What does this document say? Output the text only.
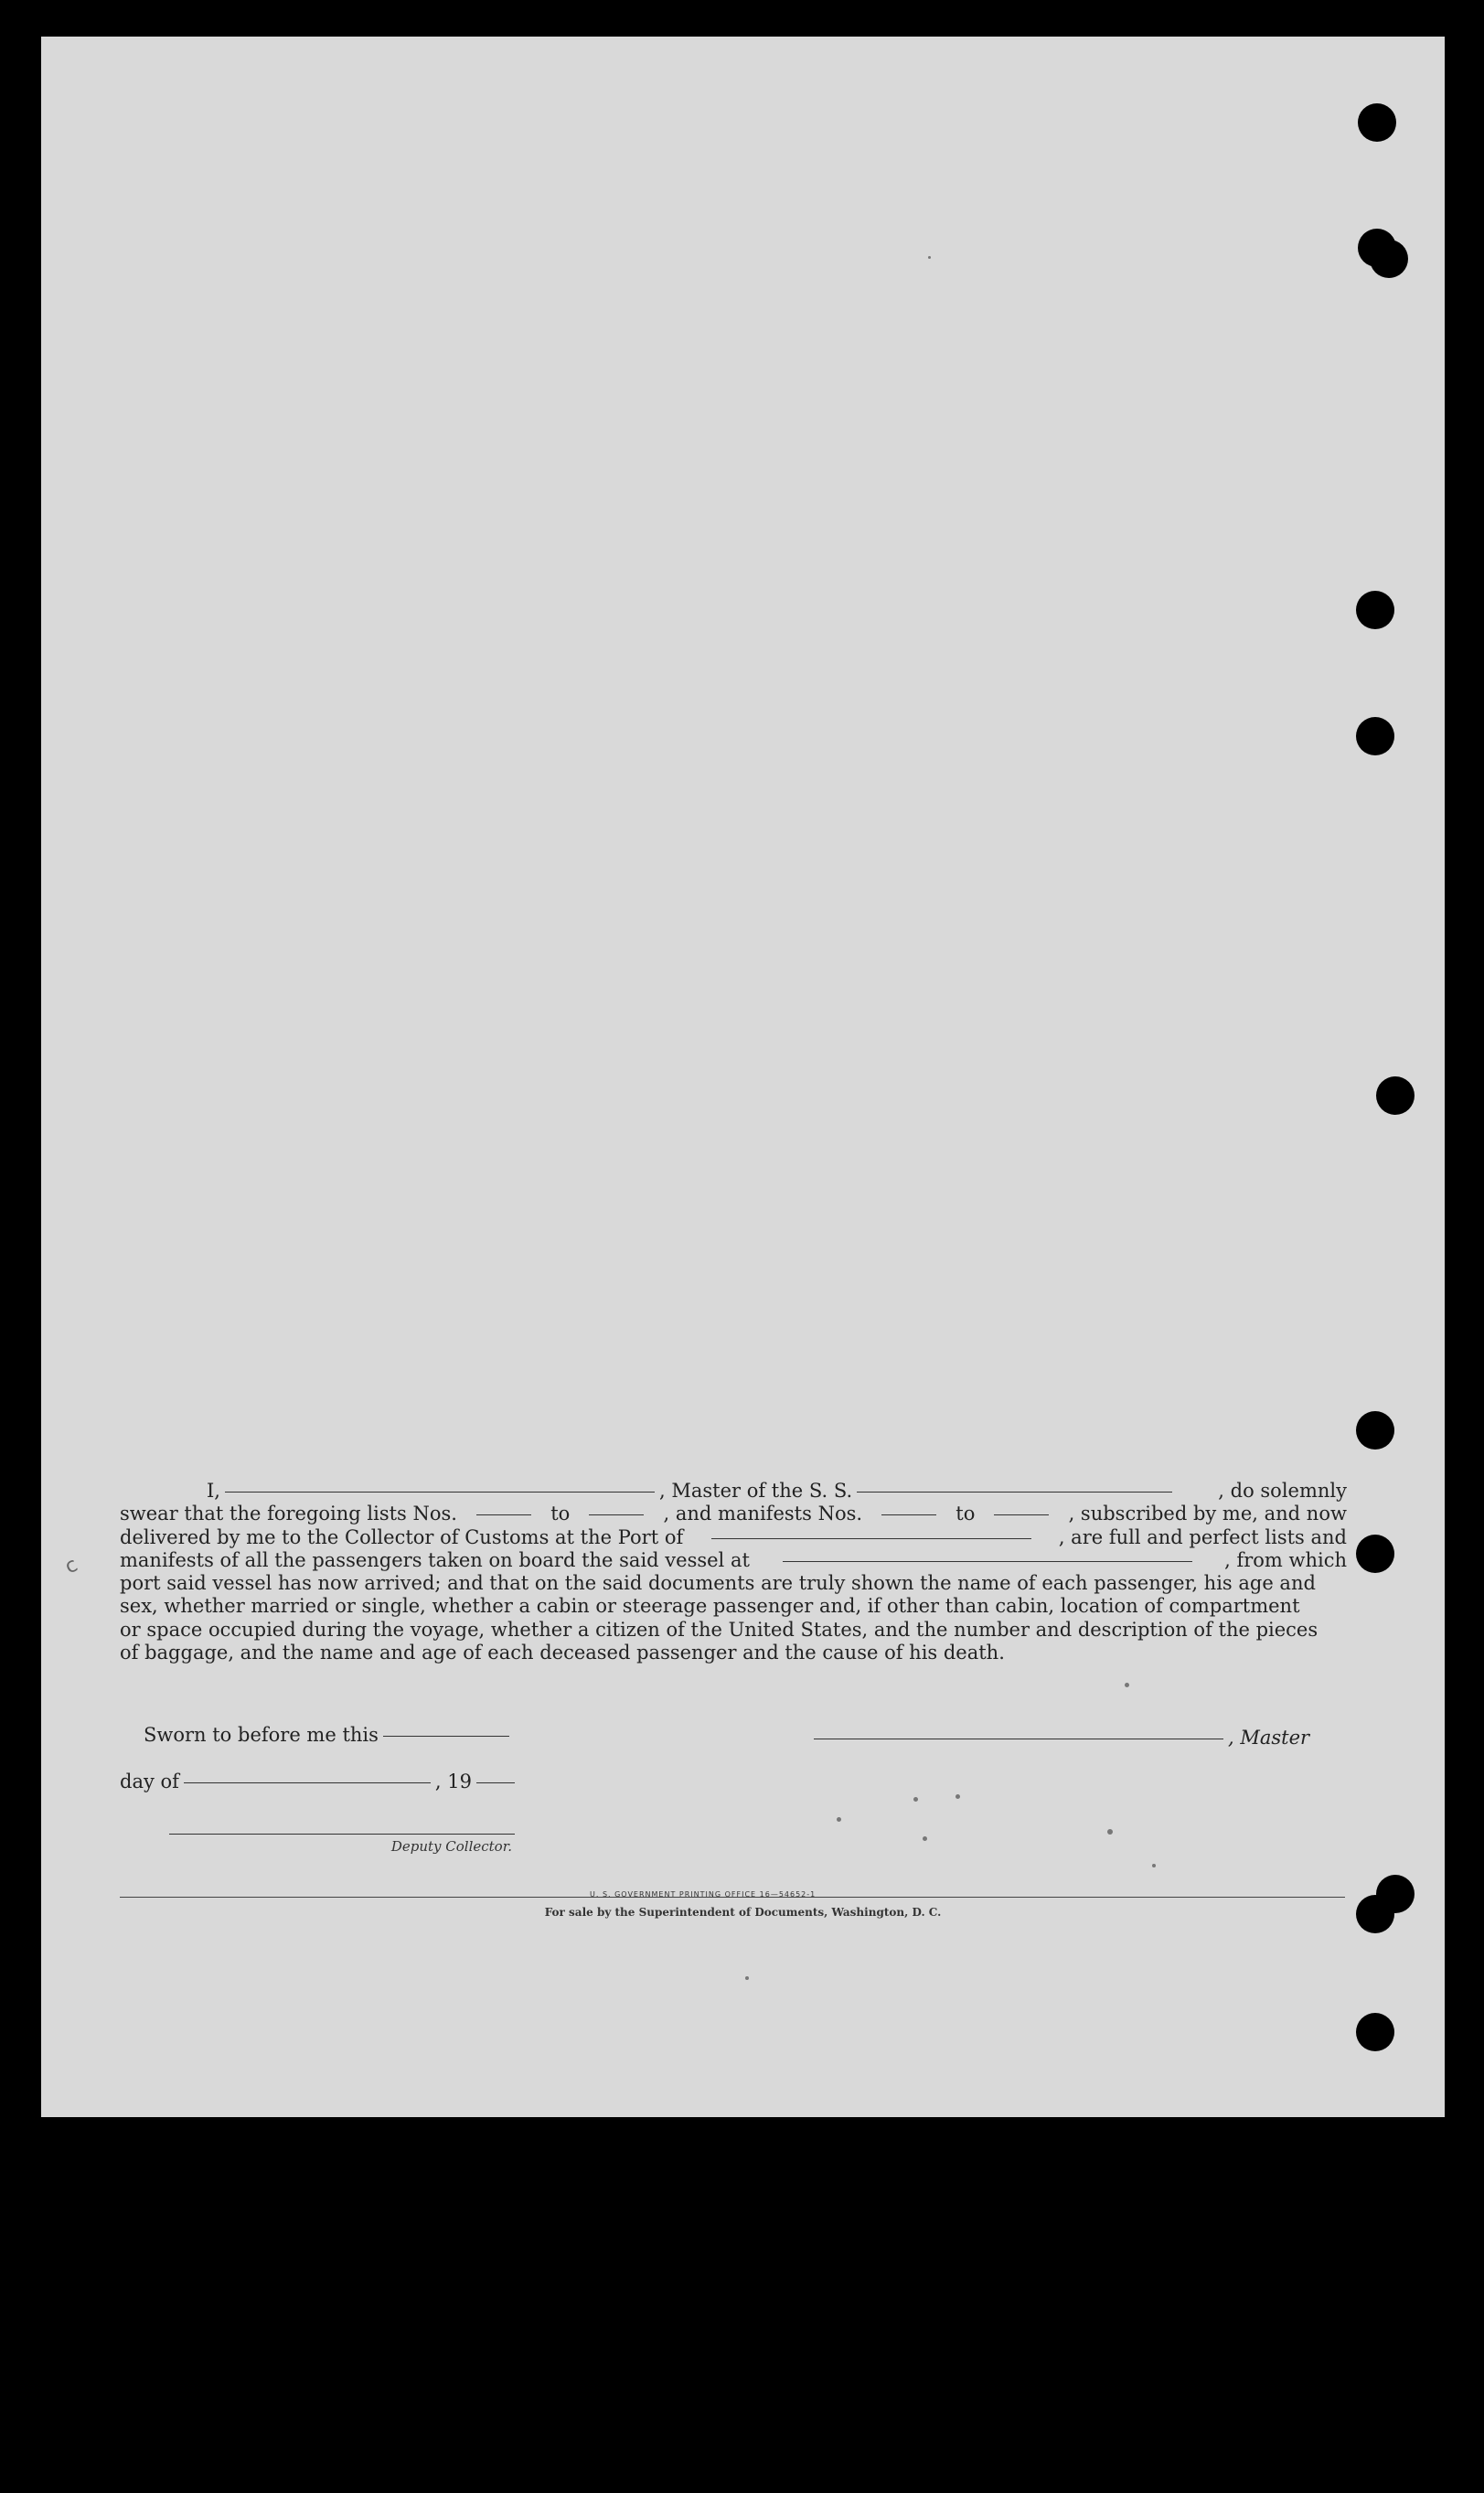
I,	, Master of the S. S.	, do solemnly
swear that the foregoing lists Nos.	to	, and manifests Nos.	to	, subscribed by me, and now
delivered by me to the Collector of Customs at the Port of	, are full and perfect lists and
manifests of all the passengers taken on board the said vessel at	, from which
port said vessel has now arrived; and that on the said documents are truly shown the name of each passenger, his age and
sex, whether married or single, whether a cabin or steerage passenger and, if other than cabin, location of compartment
or space occupied during the voyage, whether a citizen of the United States, and the number and description of the pieces
of baggage, and the name and age of each deceased passenger and the cause of his death.
Sworn to before me this	, Master
day of	, 19
Deputy Collector.
U. S. GOVERNMENT PRINTING OFFICE 16—54652-1
For sale by the Superintendent of Documents, Washington, D. C.
c
